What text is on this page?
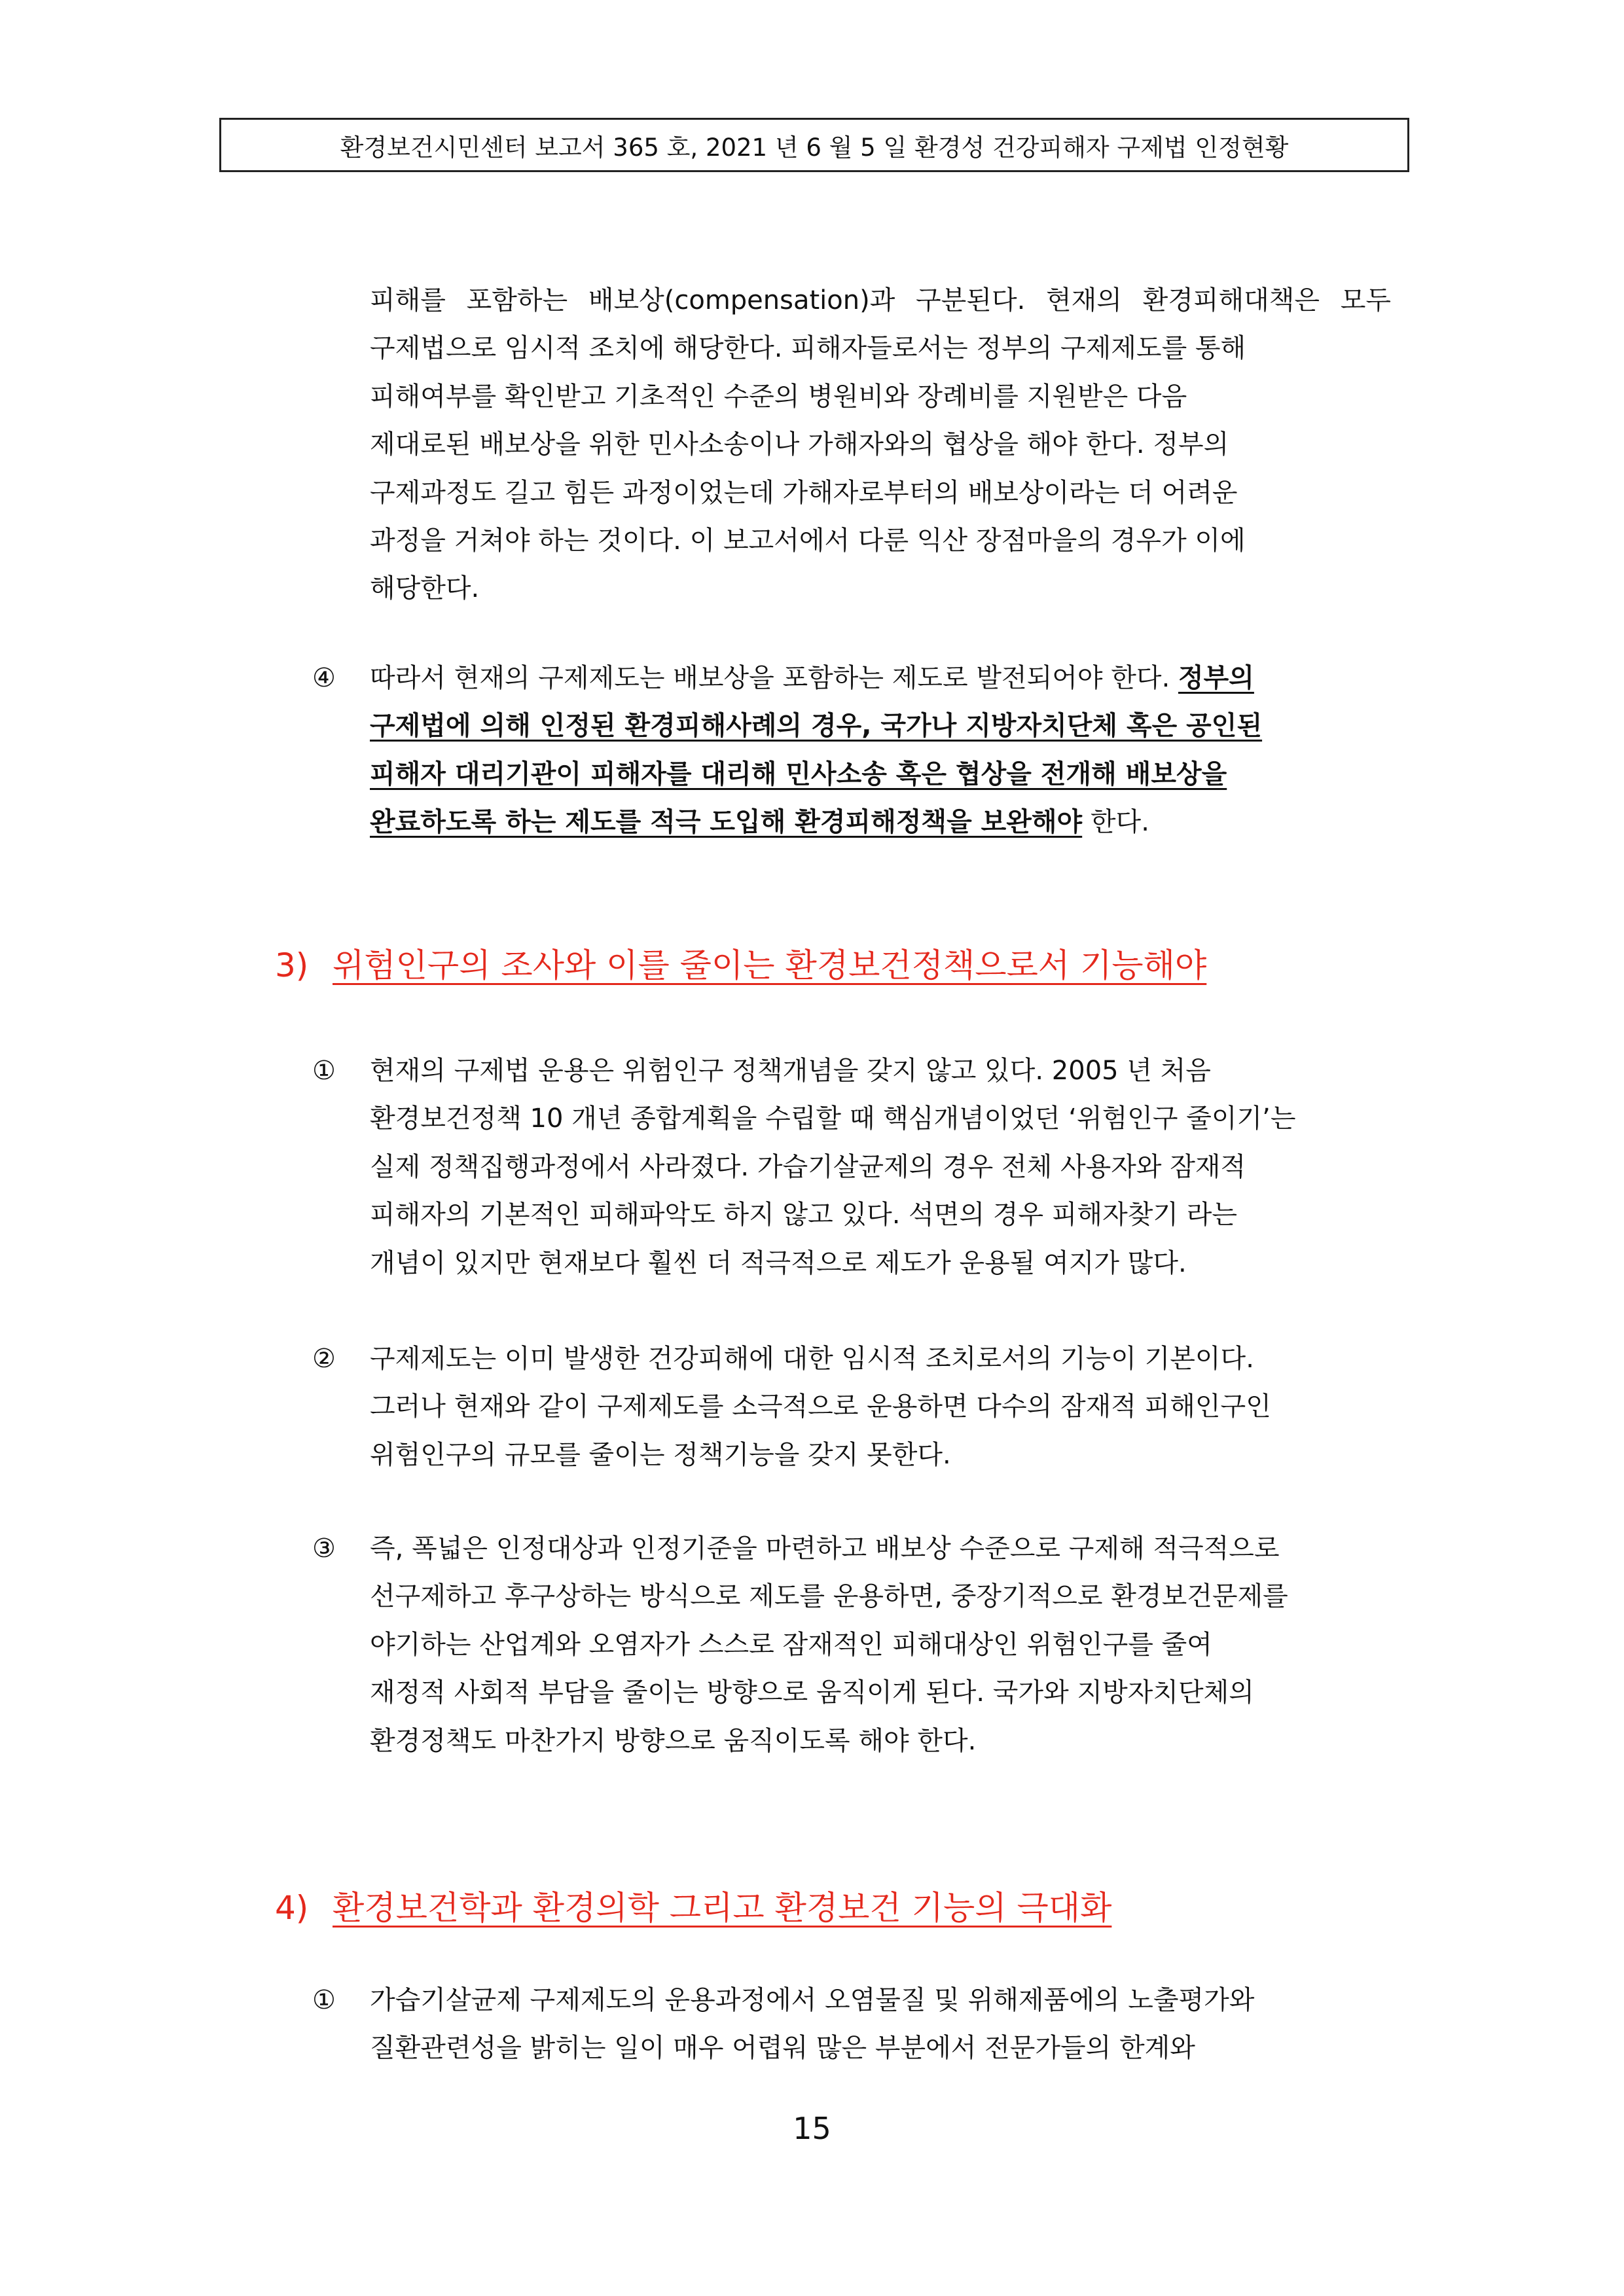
환경보건시민센터 보고서 365 호, 2021 년 6 월 5 일 환경성 건강피해자 구제법 인정현황
피해를 포함하는 배보상(compensation)과 구분된다. 현재의 환경피해대책은 모두
구제법으로 임시적 조치에 해당한다. 피해자들로서는 정부의 구제제도를 통해
피해여부를 확인받고 기초적인 수준의 병원비와 장례비를 지원받은 다음
제대로된 배보상을 위한 민사소송이나 가해자와의 협상을 해야 한다. 정부의
구제과정도 길고 힘든 과정이었는데 가해자로부터의 배보상이라는 더 어려운
과정을 거쳐야 하는 것이다. 이 보고서에서 다룬 익산 장점마을의 경우가 이에
해당한다.
④	따라서 현재의 구제제도는 배보상을 포함하는 제도로 발전되어야 한다. 정부의
구제법에 의해 인정된 환경피해사례의 경우, 국가나 지방자치단체 혹은 공인된
피해자 대리기관이 피해자를 대리해 민사소송 혹은 협상을 전개해 배보상을
완료하도록 하는 제도를 적극 도입해 환경피해정책을 보완해야 한다.
3) 위험인구의 조사와 이를 줄이는 환경보건정책으로서 기능해야
①	현재의 구제법 운용은 위험인구 정책개념을 갖지 않고 있다. 2005 년 처음
환경보건정책 10 개년 종합계획을 수립할 때 핵심개념이었던 ‘위험인구 줄이기’는
실제 정책집행과정에서 사라졌다. 가습기살균제의 경우 전체 사용자와 잠재적
피해자의 기본적인 피해파악도 하지 않고 있다. 석면의 경우 피해자찾기 라는
개념이 있지만 현재보다 훨씬 더 적극적으로 제도가 운용될 여지가 많다.
②	구제제도는 이미 발생한 건강피해에 대한 임시적 조치로서의 기능이 기본이다.
그러나 현재와 같이 구제제도를 소극적으로 운용하면 다수의 잠재적 피해인구인
위험인구의 규모를 줄이는 정책기능을 갖지 못한다.
③	즉, 폭넓은 인정대상과 인정기준을 마련하고 배보상 수준으로 구제해 적극적으로
선구제하고 후구상하는 방식으로 제도를 운용하면, 중장기적으로 환경보건문제를
야기하는 산업계와 오염자가 스스로 잠재적인 피해대상인 위험인구를 줄여
재정적 사회적 부담을 줄이는 방향으로 움직이게 된다. 국가와 지방자치단체의
환경정책도 마찬가지 방향으로 움직이도록 해야 한다.
4) 환경보건학과 환경의학 그리고 환경보건 기능의 극대화
①	가습기살균제 구제제도의 운용과정에서 오염물질 및 위해제품에의 노출평가와
질환관련성을 밝히는 일이 매우 어렵워 많은 부분에서 전문가들의 한계와
15
